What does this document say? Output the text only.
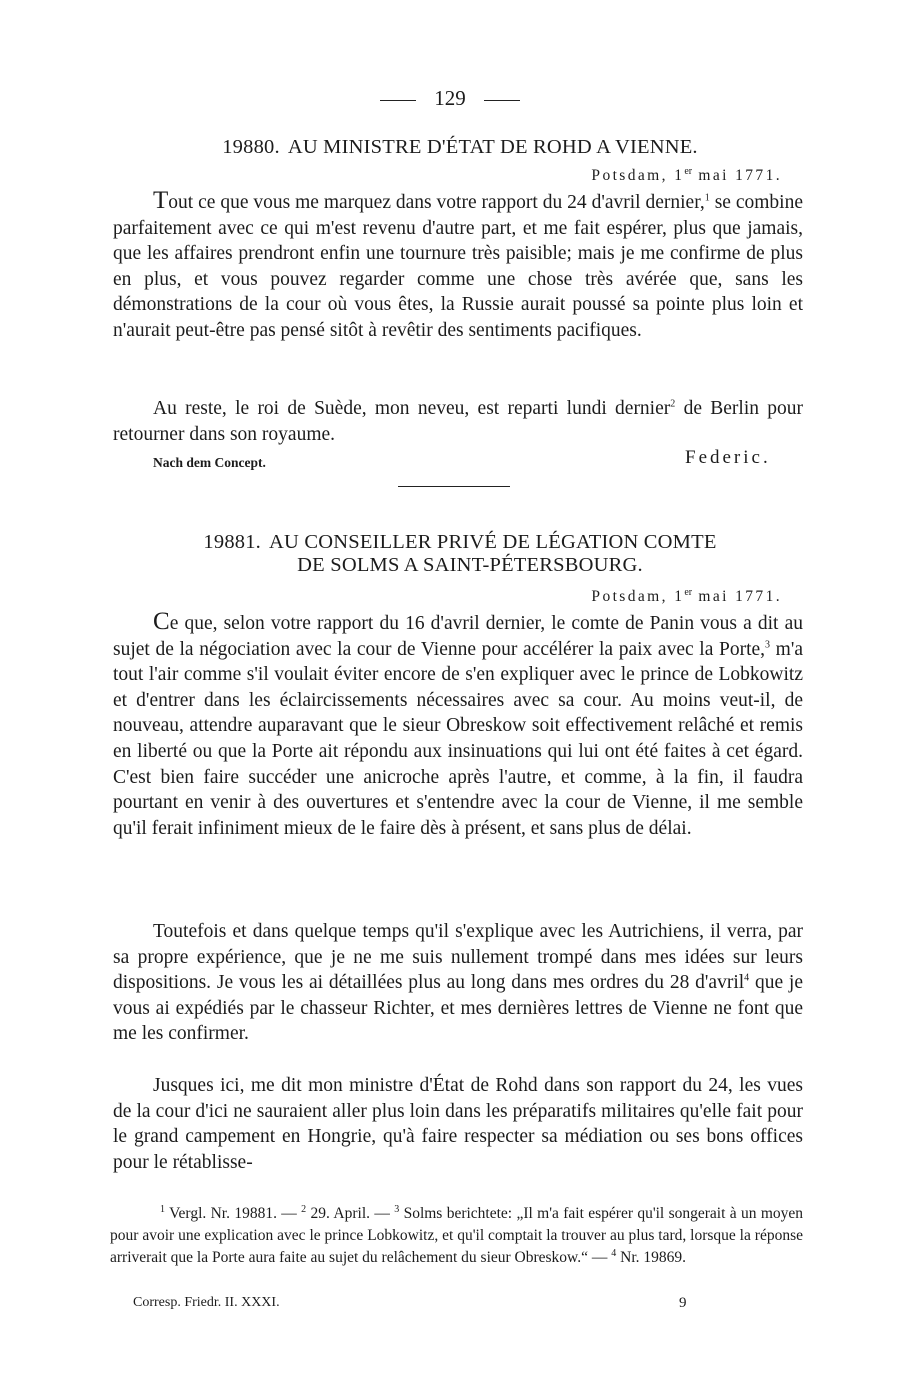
129
19880. AU MINISTRE D'ÉTAT DE ROHD A VIENNE.
Potsdam, 1er mai 1771.
Tout ce que vous me marquez dans votre rapport du 24 d'avril dernier,$^1$ se combine parfaitement avec ce qui m'est revenu d'autre part, et me fait espérer, plus que jamais, que les affaires prendront enfin une tournure très paisible; mais je me confirme de plus en plus, et vous pouvez regarder comme une chose très avérée que, sans les démonstrations de la cour où vous êtes, la Russie aurait poussé sa pointe plus loin et n'aurait peut-être pas pensé sitôt à revêtir des sentiments pacifiques.
Au reste, le roi de Suède, mon neveu, est reparti lundi dernier$^2$ de Berlin pour retourner dans son royaume.
Nach dem Concept.	Federic.
19881. AU CONSEILLER PRIVÉ DE LÉGATION COMTE
DE SOLMS A SAINT-PÉTERSBOURG.
Potsdam, 1er mai 1771.
Ce que, selon votre rapport du 16 d'avril dernier, le comte de Panin vous a dit au sujet de la négociation avec la cour de Vienne pour accélérer la paix avec la Porte,$^3$ m'a tout l'air comme s'il voulait éviter encore de s'en expliquer avec le prince de Lobkowitz et d'entrer dans les éclaircissements nécessaires avec sa cour. Au moins veut-il, de nouveau, attendre auparavant que le sieur Obreskow soit effectivement relâché et remis en liberté ou que la Porte ait répondu aux insinuations qui lui ont été faites à cet égard. C'est bien faire succéder une anicroche après l'autre, et comme, à la fin, il faudra pourtant en venir à des ouvertures et s'entendre avec la cour de Vienne, il me semble qu'il ferait infiniment mieux de le faire dès à présent, et sans plus de délai.
Toutefois et dans quelque temps qu'il s'explique avec les Autrichiens, il verra, par sa propre expérience, que je ne me suis nullement trompé dans mes idées sur leurs dispositions. Je vous les ai détaillées plus au long dans mes ordres du 28 d'avril$^4$ que je vous ai expédiés par le chasseur Richter, et mes dernières lettres de Vienne ne font que me les confirmer.
Jusques ici, me dit mon ministre d'État de Rohd dans son rapport du 24, les vues de la cour d'ici ne sauraient aller plus loin dans les préparatifs militaires qu'elle fait pour le grand campement en Hongrie, qu'à faire respecter sa médiation ou ses bons offices pour le rétablisse-
$^1$ Vergl. Nr. 19881. — $^2$ 29. April. — $^3$ Solms berichtete: „Il m'a fait espérer qu'il songerait à un moyen pour avoir une explication avec le prince Lobkowitz, et qu'il comptait la trouver au plus tard, lorsque la réponse arriverait que la Porte aura faite au sujet du relâchement du sieur Obreskow.“ — $^4$ Nr. 19869.
Corresp. Friedr. II. XXXI.	9
